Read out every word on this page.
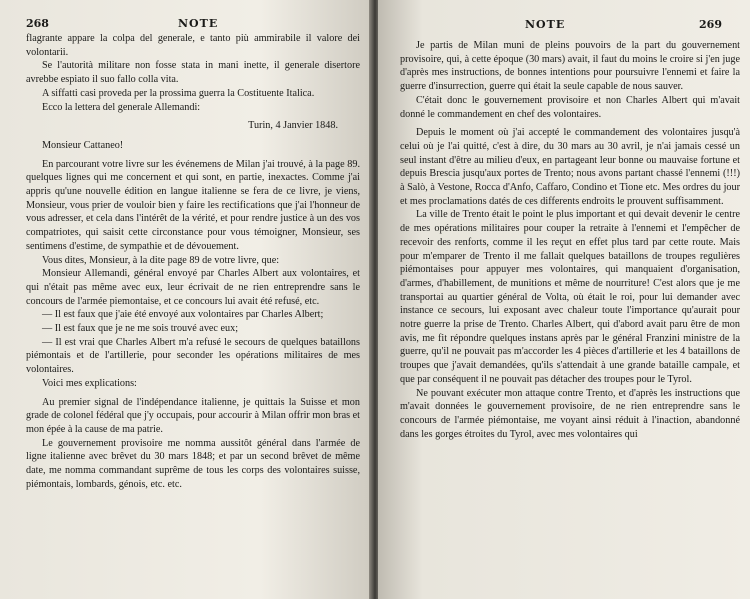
268	NOTE

flagrante appare la colpa del generale, e tanto più ammirabile il valore dei volontarii.

Se l'autorità militare non fosse stata in mani inette, il generale disertore avrebbe espiato il suo fallo colla vita.

A siffatti casi proveda per la prossima guerra la Costituente Italica.

Ecco la lettera del generale Allemandi:

Turin, 4 Janvier 1848.

Monsieur Cattaneo!

En parcourant votre livre sur les événemens de Milan j'ai trouvé, à la page 89. quelques lignes qui me concernent et qui sont, en partie, inexactes. Comme j'ai appris qu'une nouvelle édition en langue italienne se fera de ce livre, je viens, Monsieur, vous prier de vouloir bien y faire les rectifications que j'ai l'honneur de vous adresser, et cela dans l'intérêt de la vérité, et pour rendre justice à un des vos compatriotes, qui saisit cette circonstance pour vous témoigner, Monsieur, ses sentimens d'estime, de sympathie et de dévouement.

Vous dites, Monsieur, à la dite page 89 de votre livre, que:

Monsieur Allemandi, général envoyé par Charles Albert aux volontaires, et qui n'était pas même avec eux, leur écrivait de ne rien entreprendre sans le concours de l'armée piemontaise, et ce concours lui avait été refusé, etc.

— Il est faux que j'aie été envoyé aux volontaires par Charles Albert;

— Il est faux que je ne me sois trouvé avec eux;

— Il est vrai que Charles Albert m'a refusé le secours de quelques bataillons piémontais et de l'artillerie, pour seconder les opérations militaires de mes volontaires.

Voici mes explications:

Au premier signal de l'indépendance italienne, je quittais la Suisse et mon grade de colonel fédéral que j'y occupais, pour accourir à Milan offrir mon bras et mon épée à la cause de ma patrie.

Le gouvernement provisoire me nomma aussitôt général dans l'armée de ligne italienne avec brêvet du 30 mars 1848; et par un second brêvet de même date, me nomma commandant suprême de tous les corps des volontaires suisse, piémontais, lombards, génois, etc. etc.

NOTE	269

Je partis de Milan muni de pleins pouvoirs de la part du gouvernement provisoire, qui, à cette époque (30 mars) avait, il faut du moins le croire si j'en juge d'après mes instructions, de bonnes intentions pour poursuivre l'ennemi et faire la guerre d'insurrection, guerre qui était la seule capable de nous sauver.

C'était donc le gouvernement provisoire et non Charles Albert qui m'avait donné le commandement en chef des volontaires.

Depuis le moment où j'ai accepté le commandement des volontaires jusqu'à celui où je l'ai quitté, c'est à dire, du 30 mars au 30 avril, je n'ai jamais cessé un seul instant d'être au milieu d'eux, en partageant leur bonne ou mauvaise fortune et depuis Brescia jusqu'aux portes de Trento; nous avons partant chassé l'ennemi (!!!) à Salò, à Vestone, Rocca d'Anfo, Caffaro, Condino et Tione etc. Mes ordres du jour et mes proclamations datés de ces differents endroits le prouvent suffisamment.

La ville de Trento était le point le plus important et qui devait devenir le centre de mes opérations militaires pour couper la retraite à l'ennemi et l'empêcher de recevoir des renforts, comme il les reçut en effet plus tard par cette route. Mais pour m'emparer de Trento il me fallait quelques bataillons de troupes regulières piémontaises pour appuyer mes volontaires, qui manquaient d'organisation, d'armes, d'habillement, de munitions et même de nourriture! C'est alors que je me transportai au quartier général de Volta, où était le roi, pour lui demander avec instance ce secours, lui exposant avec chaleur toute l'importance qu'aurait pour notre guerre la prise de Trento. Charles Albert, qui d'abord avait paru être de mon avis, me fit répondre quelques instans après par le général Franzini ministre de la guerre, qu'il ne pouvait pas m'accorder les 4 pièces d'artillerie et les 4 bataillons de troupes que j'avait demandées, qu'ils s'attendait à une grande bataille campale, et que par conséquent il ne pouvait pas détacher des troupes pour le Tyrol.

Ne pouvant exécuter mon attaque contre Trento, et d'après les instructions que m'avait données le gouvernement provisoire, de ne rien entreprendre sans le concours de l'armée piémontaise, me voyant ainsi réduit à l'inaction, abandonné dans les gorges étroites du Tyrol, avec mes volontaires qui
